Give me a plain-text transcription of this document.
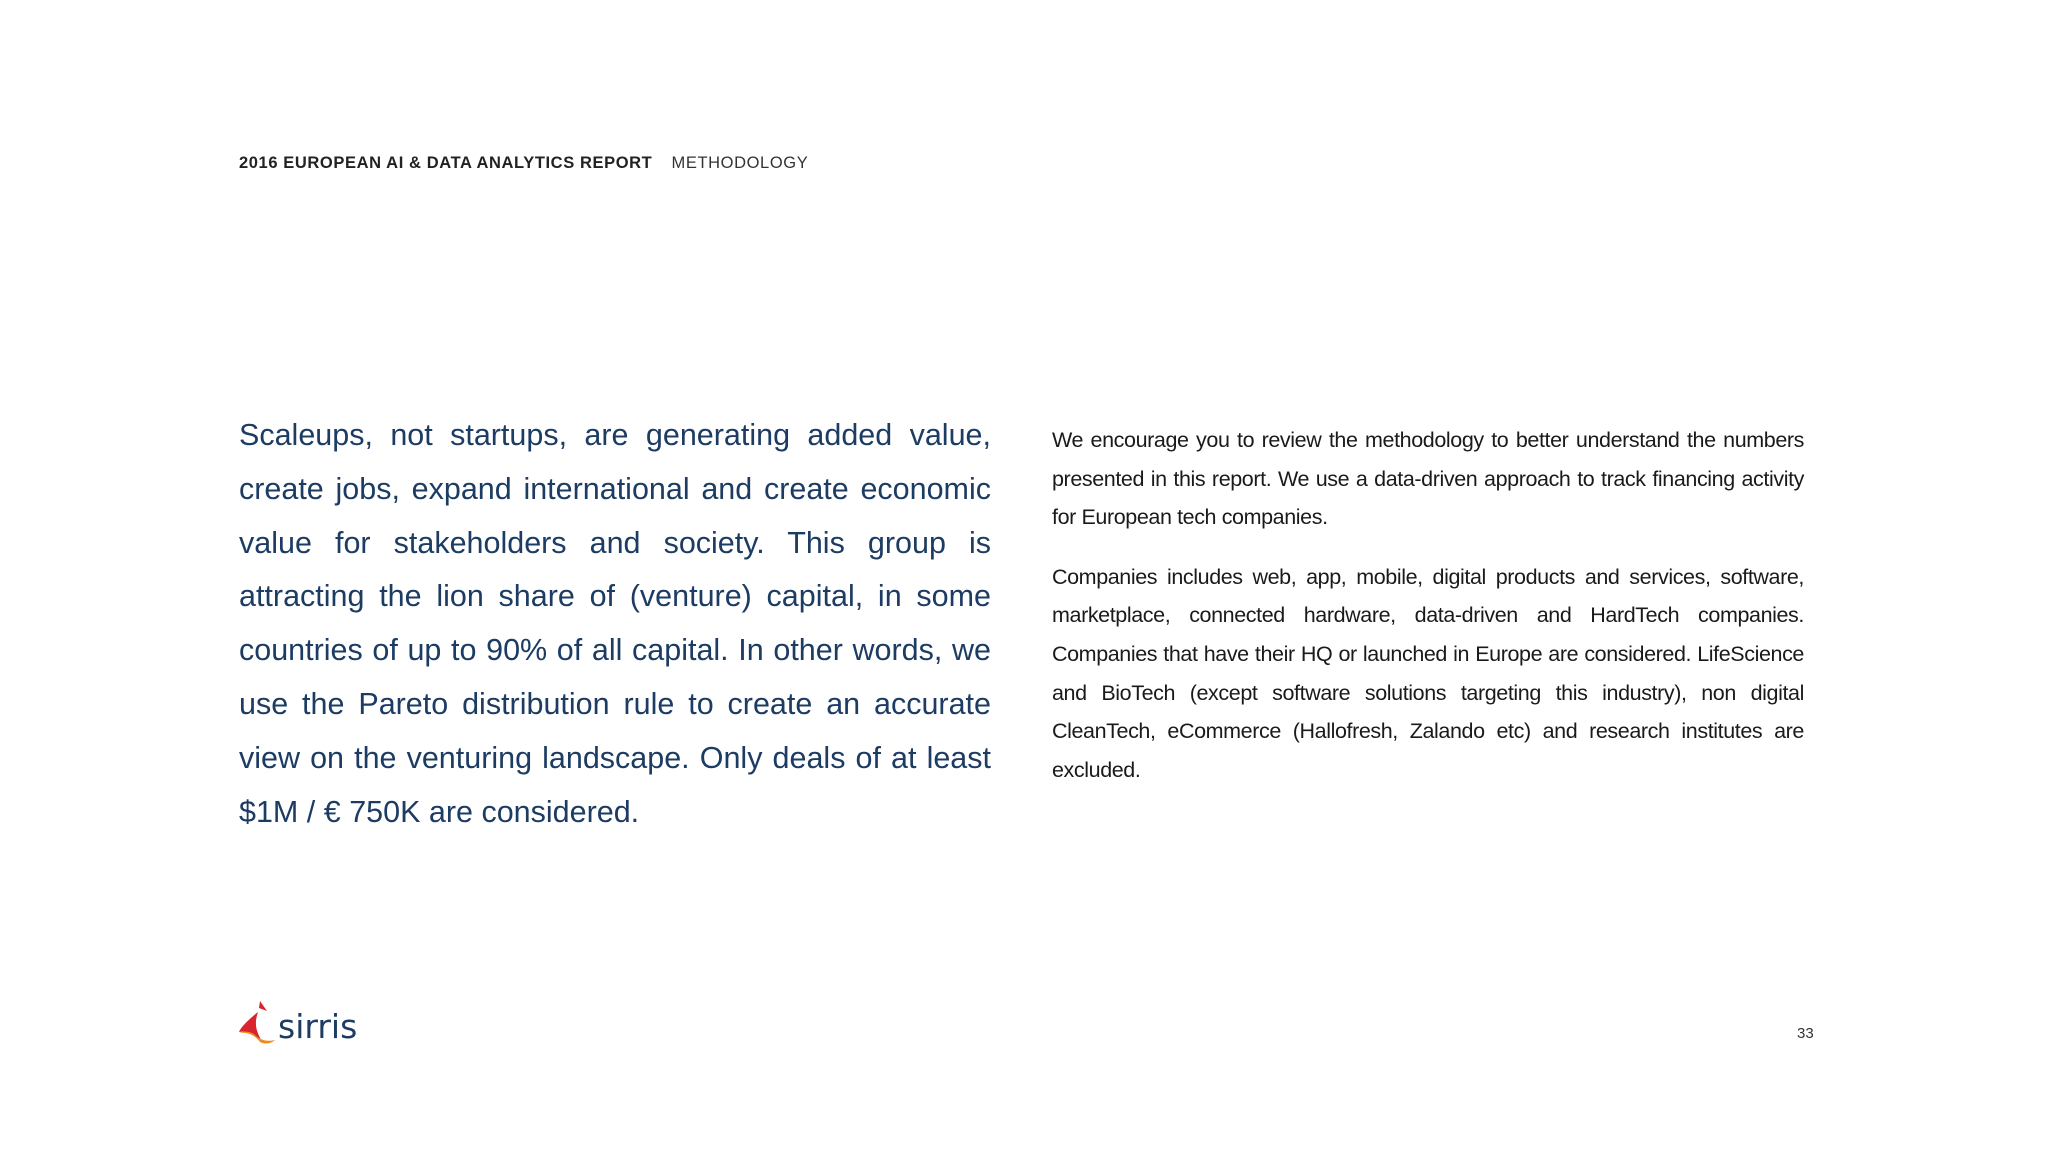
2016 EUROPEAN AI & DATA ANALYTICS REPORT METHODOLOGY

Scaleups, not startups, are generating added value, create jobs, expand international and create economic value for stakeholders and society. This group is attracting the lion share of (venture) capital, in some countries of up to 90% of all capital. In other words, we use the Pareto distribution rule to create an accurate view on the venturing landscape. Only deals of at least $1M / € 750K are considered.

We encourage you to review the methodology to better understand the numbers presented in this report. We use a data-driven approach to track financing activity for European tech companies.

Companies includes web, app, mobile, digital products and services, software, marketplace, connected hardware, data-driven and HardTech companies. Companies that have their HQ or launched in Europe are considered. LifeScience and BioTech (except software solutions targeting this industry), non digital CleanTech, eCommerce (Hallofresh, Zalando etc) and research institutes are excluded.

sirris	33
